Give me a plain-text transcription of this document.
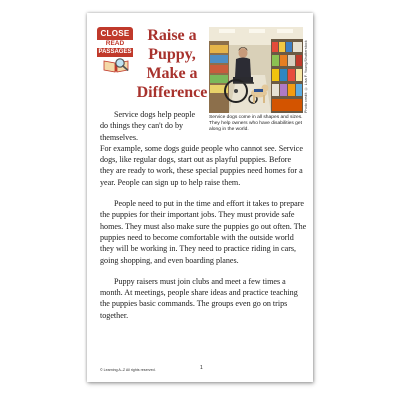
CLOSE
READ
PASSAGES
Raise a
Puppy,
Make a
Difference	Photo credit: © Lisa F. Young/Shutterstock
Service dogs come in all shapes and sizes. They help owners who have disabilities get along in the world.

Service dogs help people do things they can't do by themselves.

For example, some dogs guide people who cannot see. Service dogs, like regular dogs, start out as playful puppies. Before they are ready to work, these special puppies need homes for a year. People can sign up to help raise them.

People need to put in the time and effort it takes to prepare the puppies for their important jobs. They must provide safe homes. They must also make sure the puppies go out often. The puppies need to become comfortable with the outside world they will be working in. They need to practice riding in cars, going shopping, and even boarding planes.

Puppy raisers must join clubs and meet a few times a month. At meetings, people share ideas and practice teaching the puppies basic commands. The groups even go on trips together.

© Learning A–Z All rights reserved.	1
